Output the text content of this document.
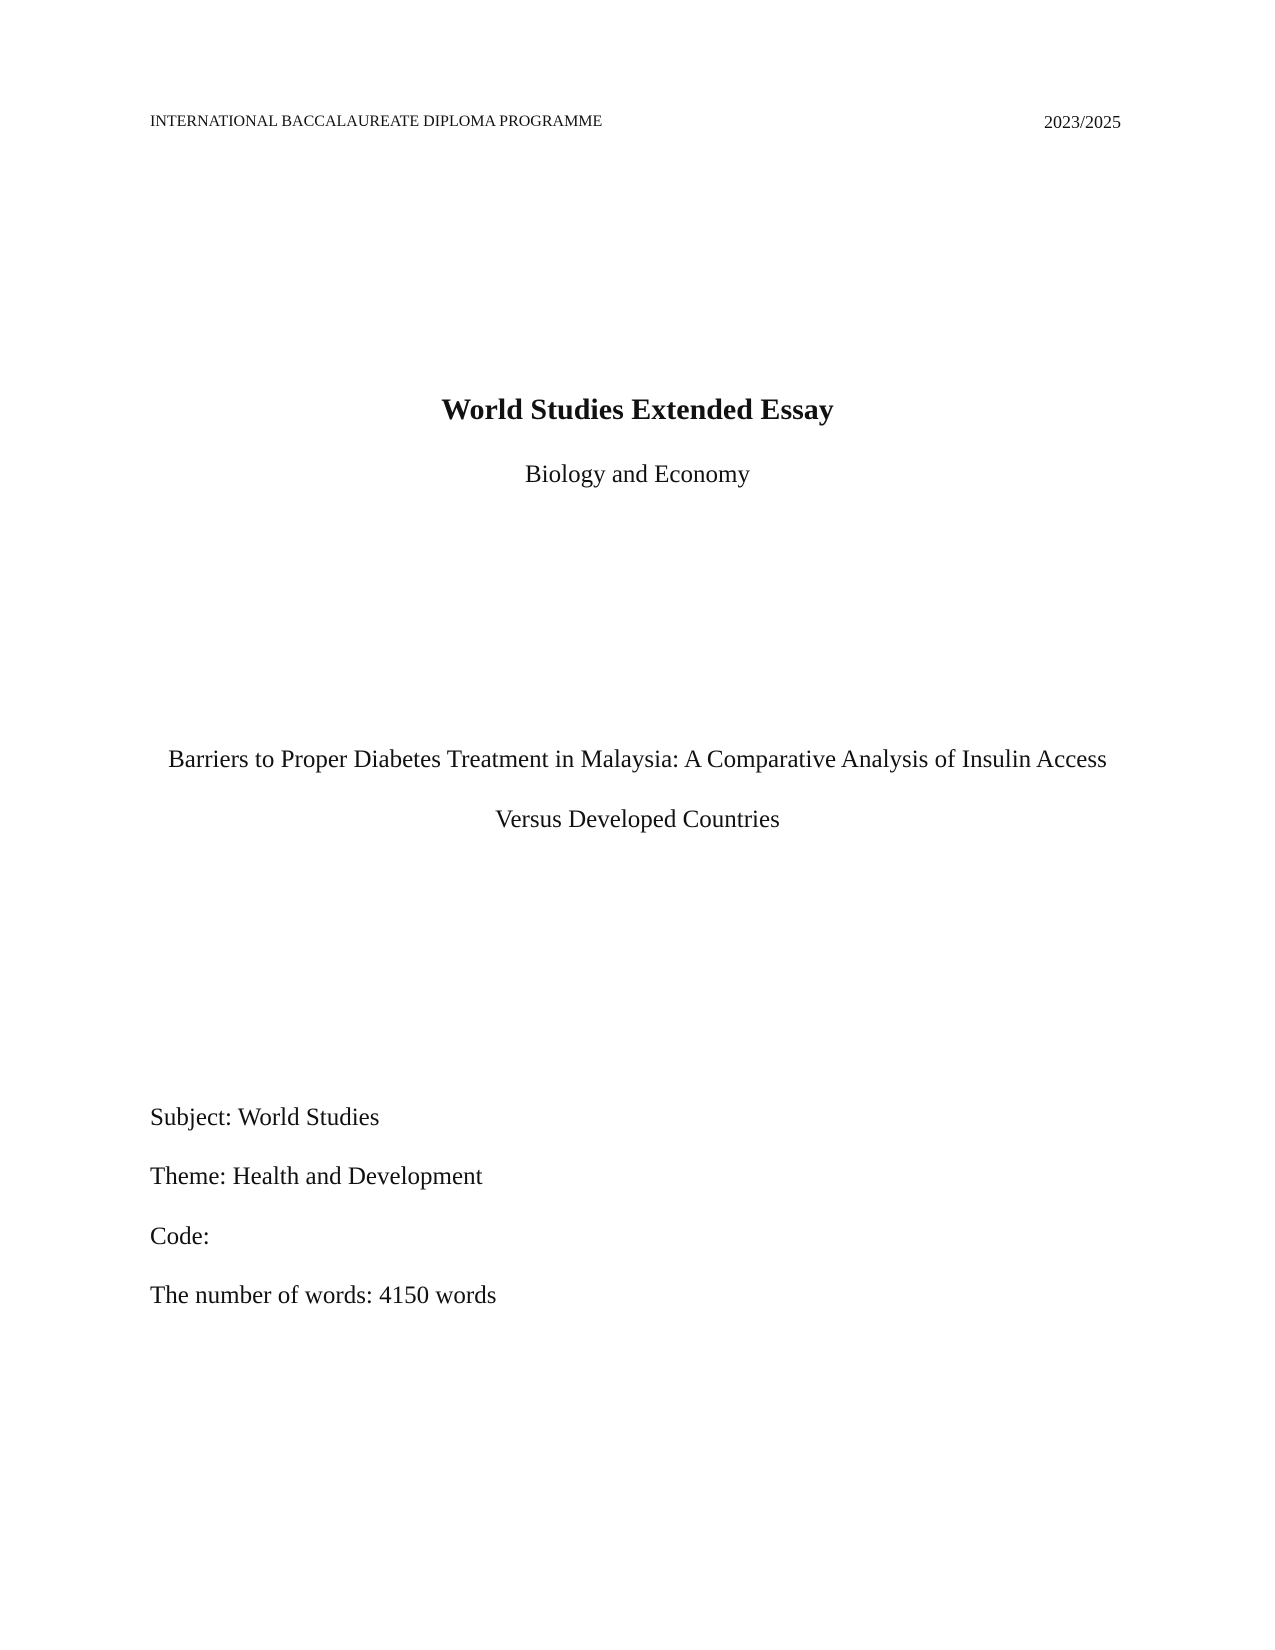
INTERNATIONAL BACCALAUREATE DIPLOMA PROGRAMME	2023/2025
World Studies Extended Essay
Biology and Economy
Barriers to Proper Diabetes Treatment in Malaysia: A Comparative Analysis of Insulin Access
Versus Developed Countries
Subject: World Studies
Theme: Health and Development
Code:
The number of words: 4150 words
